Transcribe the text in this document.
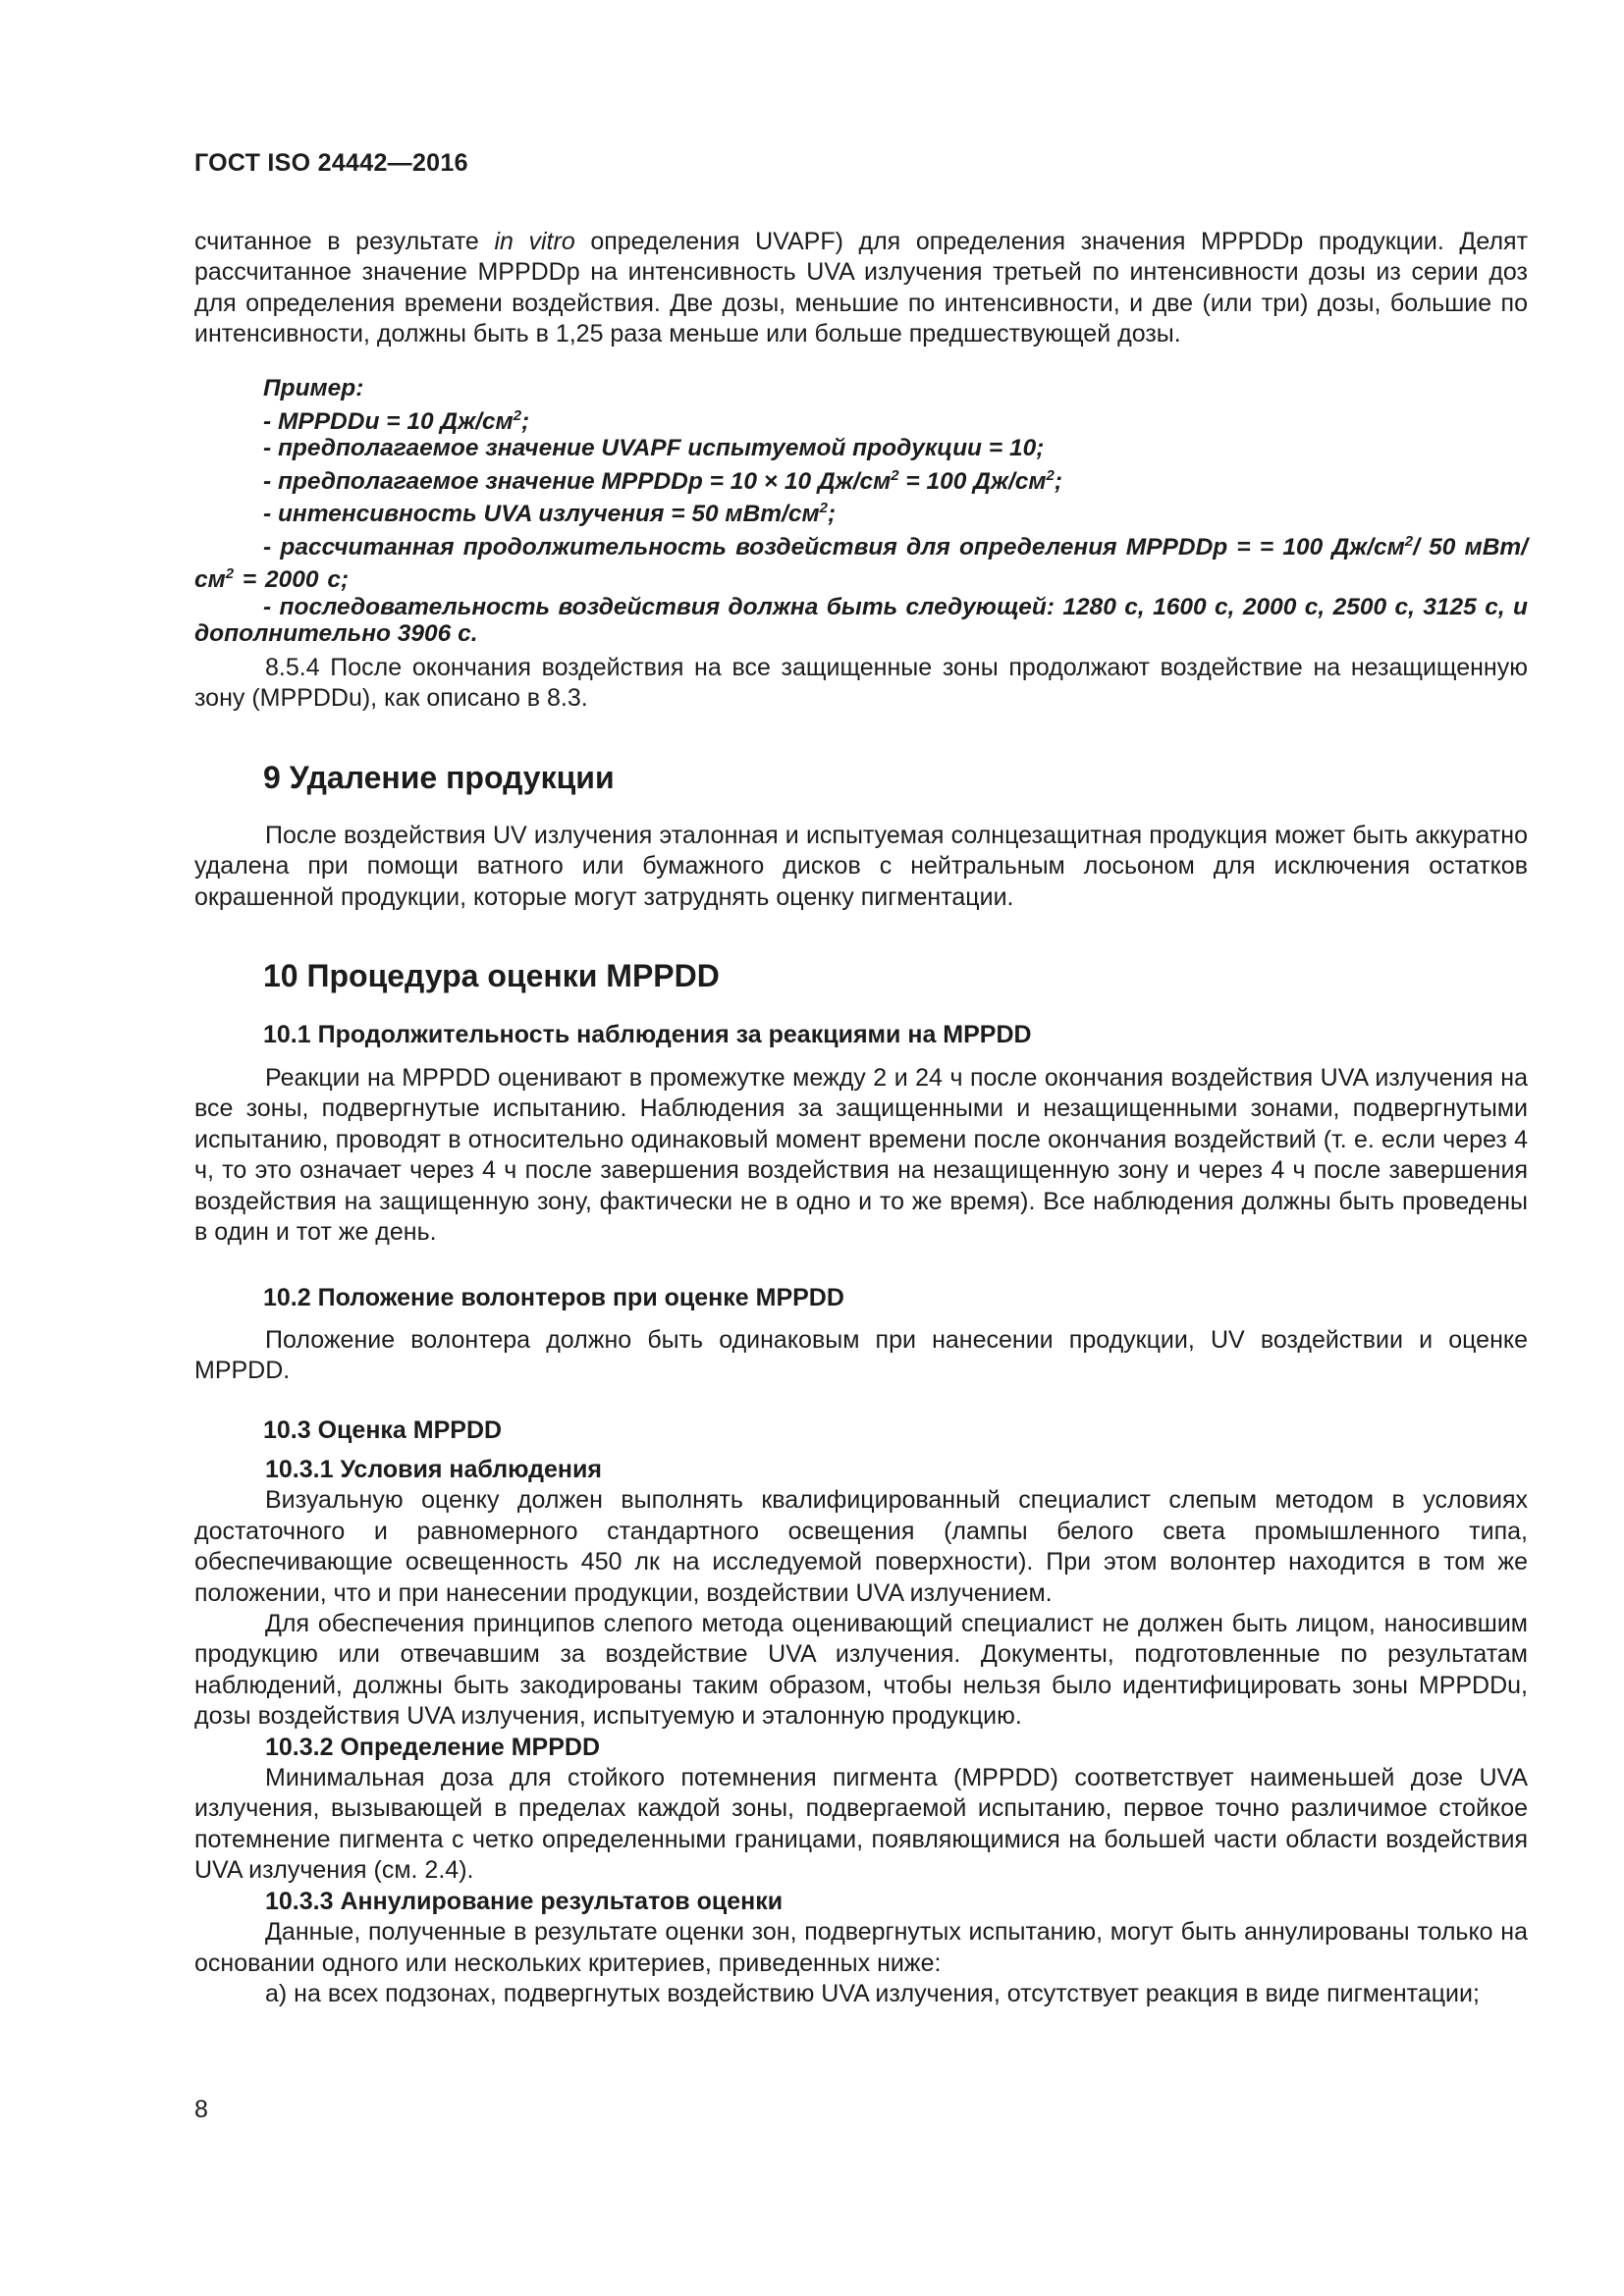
ГОСТ ISO 24442—2016

считанное в результате in vitro определения UVAPF) для определения значения MPPDDp продукции. Делят рассчитанное значение MPPDDp на интенсивность UVA излучения третьей по интенсивности дозы из серии доз для определения времени воздействия. Две дозы, меньшие по интенсивности, и две (или три) дозы, большие по интенсивности, должны быть в 1,25 раза меньше или больше предшествующей дозы.

Пример:

- MPPDDu = 10 $Дж/см^2$;

- предполагаемое значение UVAPF испытуемой продукции = 10;

- предполагаемое значение MPPDDp = 10 × 10 $Дж/см^2 = 100$ $Дж/см^2$;

- интенсивность UVA излучения = 50 мВт/$см^2$;

- рассчитанная продолжительность воздействия для определения MPPDDp = = 100 $Дж/см^2/$ 50 мВт/$см^2 = 2000$ с;

- последовательность воздействия должна быть следующей: 1280 с, 1600 с, 2000 с, 2500 с, 3125 с, и дополнительно 3906 с.

8.5.4 После окончания воздействия на все защищенные зоны продолжают воздействие на незащищенную зону (MPPDDu), как описано в 8.3.

9 Удаление продукции

После воздействия UV излучения эталонная и испытуемая солнцезащитная продукция может быть аккуратно удалена при помощи ватного или бумажного дисков с нейтральным лосьоном для исключения остатков окрашенной продукции, которые могут затруднять оценку пигментации.

10 Процедура оценки MPPDD
10.1 Продолжительность наблюдения за реакциями на MPPDD

Реакции на MPPDD оценивают в промежутке между 2 и 24 ч после окончания воздействия UVA излучения на все зоны, подвергнутые испытанию. Наблюдения за защищенными и незащищенными зонами, подвергнутыми испытанию, проводят в относительно одинаковый момент времени после окончания воздействий (т. е. если через 4 ч, то это означает через 4 ч после завершения воздействия на незащищенную зону и через 4 ч после завершения воздействия на защищенную зону, фактически не в одно и то же время). Все наблюдения должны быть проведены в один и тот же день.

10.2 Положение волонтеров при оценке MPPDD

Положение волонтера должно быть одинаковым при нанесении продукции, UV воздействии и оценке MPPDD.

10.3 Оценка MPPDD

10.3.1 Условия наблюдения

Визуальную оценку должен выполнять квалифицированный специалист слепым методом в условиях достаточного и равномерного стандартного освещения (лампы белого света промышленного типа, обеспечивающие освещенность 450 лк на исследуемой поверхности). При этом волонтер находится в том же положении, что и при нанесении продукции, воздействии UVA излучением.

Для обеспечения принципов слепого метода оценивающий специалист не должен быть лицом, наносившим продукцию или отвечавшим за воздействие UVA излучения. Документы, подготовленные по результатам наблюдений, должны быть закодированы таким образом, чтобы нельзя было идентифицировать зоны MPPDDu, дозы воздействия UVA излучения, испытуемую и эталонную продукцию.

10.3.2 Определение MPPDD

Минимальная доза для стойкого потемнения пигмента (MPPDD) соответствует наименьшей дозе UVA излучения, вызывающей в пределах каждой зоны, подвергаемой испытанию, первое точно различимое стойкое потемнение пигмента с четко определенными границами, появляющимися на большей части области воздействия UVA излучения (см. 2.4).

10.3.3 Аннулирование результатов оценки

Данные, полученные в результате оценки зон, подвергнутых испытанию, могут быть аннулированы только на основании одного или нескольких критериев, приведенных ниже:

а) на всех подзонах, подвергнутых воздействию UVA излучения, отсутствует реакция в виде пигментации;

8
